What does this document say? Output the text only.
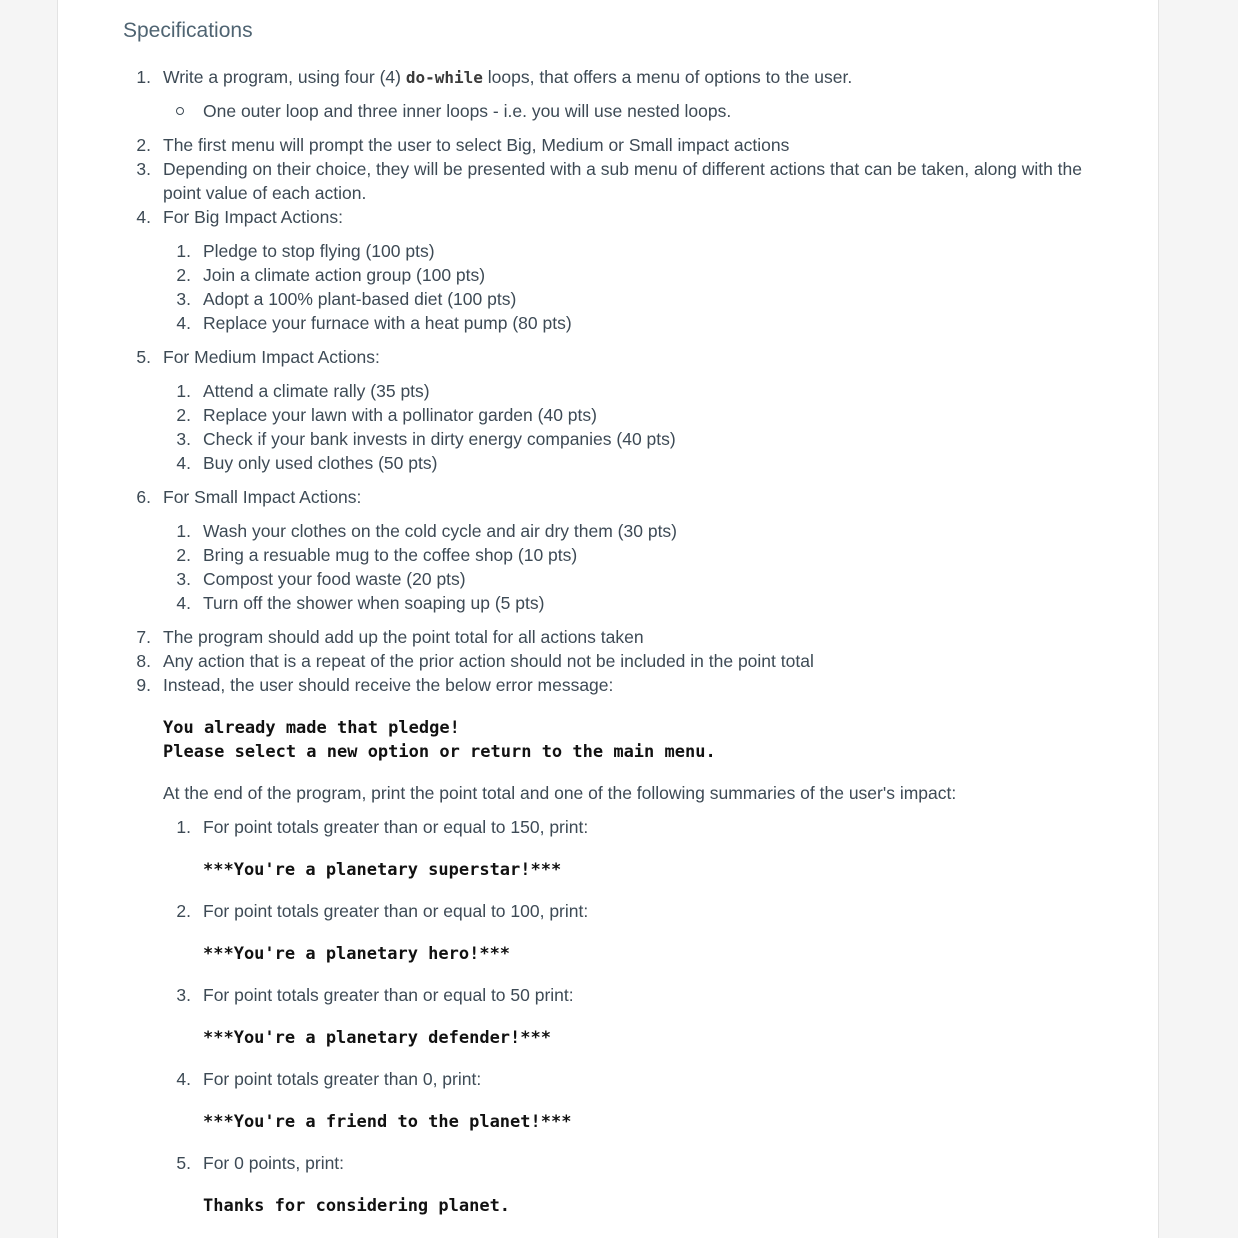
Specifications
1. Write a program, using four (4) do-while loops, that offers a menu of options to the user.
One outer loop and three inner loops - i.e. you will use nested loops.
2. The first menu will prompt the user to select Big, Medium or Small impact actions
3. Depending on their choice, they will be presented with a sub menu of different actions that can be taken, along with the
point value of each action.
4. For Big Impact Actions:
1. Pledge to stop flying (100 pts)
2. Join a climate action group (100 pts)
3. Adopt a 100% plant-based diet (100 pts)
4. Replace your furnace with a heat pump (80 pts)
5. For Medium Impact Actions:
1. Attend a climate rally (35 pts)
2. Replace your lawn with a pollinator garden (40 pts)
3. Check if your bank invests in dirty energy companies (40 pts)
4. Buy only used clothes (50 pts)
6. For Small Impact Actions:
1. Wash your clothes on the cold cycle and air dry them (30 pts)
2. Bring a resuable mug to the coffee shop (10 pts)
3. Compost your food waste (20 pts)
4. Turn off the shower when soaping up (5 pts)
7. The program should add up the point total for all actions taken
8. Any action that is a repeat of the prior action should not be included in the point total
9. Instead, the user should receive the below error message:
You already made that pledge!
Please select a new option or return to the main menu.
At the end of the program, print the point total and one of the following summaries of the user's impact:
1. For point totals greater than or equal to 150, print:
***You're a planetary superstar!***
2. For point totals greater than or equal to 100, print:
***You're a planetary hero!***
3. For point totals greater than or equal to 50 print:
***You're a planetary defender!***
4. For point totals greater than 0, print:
***You're a friend to the planet!***
5. For 0 points, print:
Thanks for considering planet.
